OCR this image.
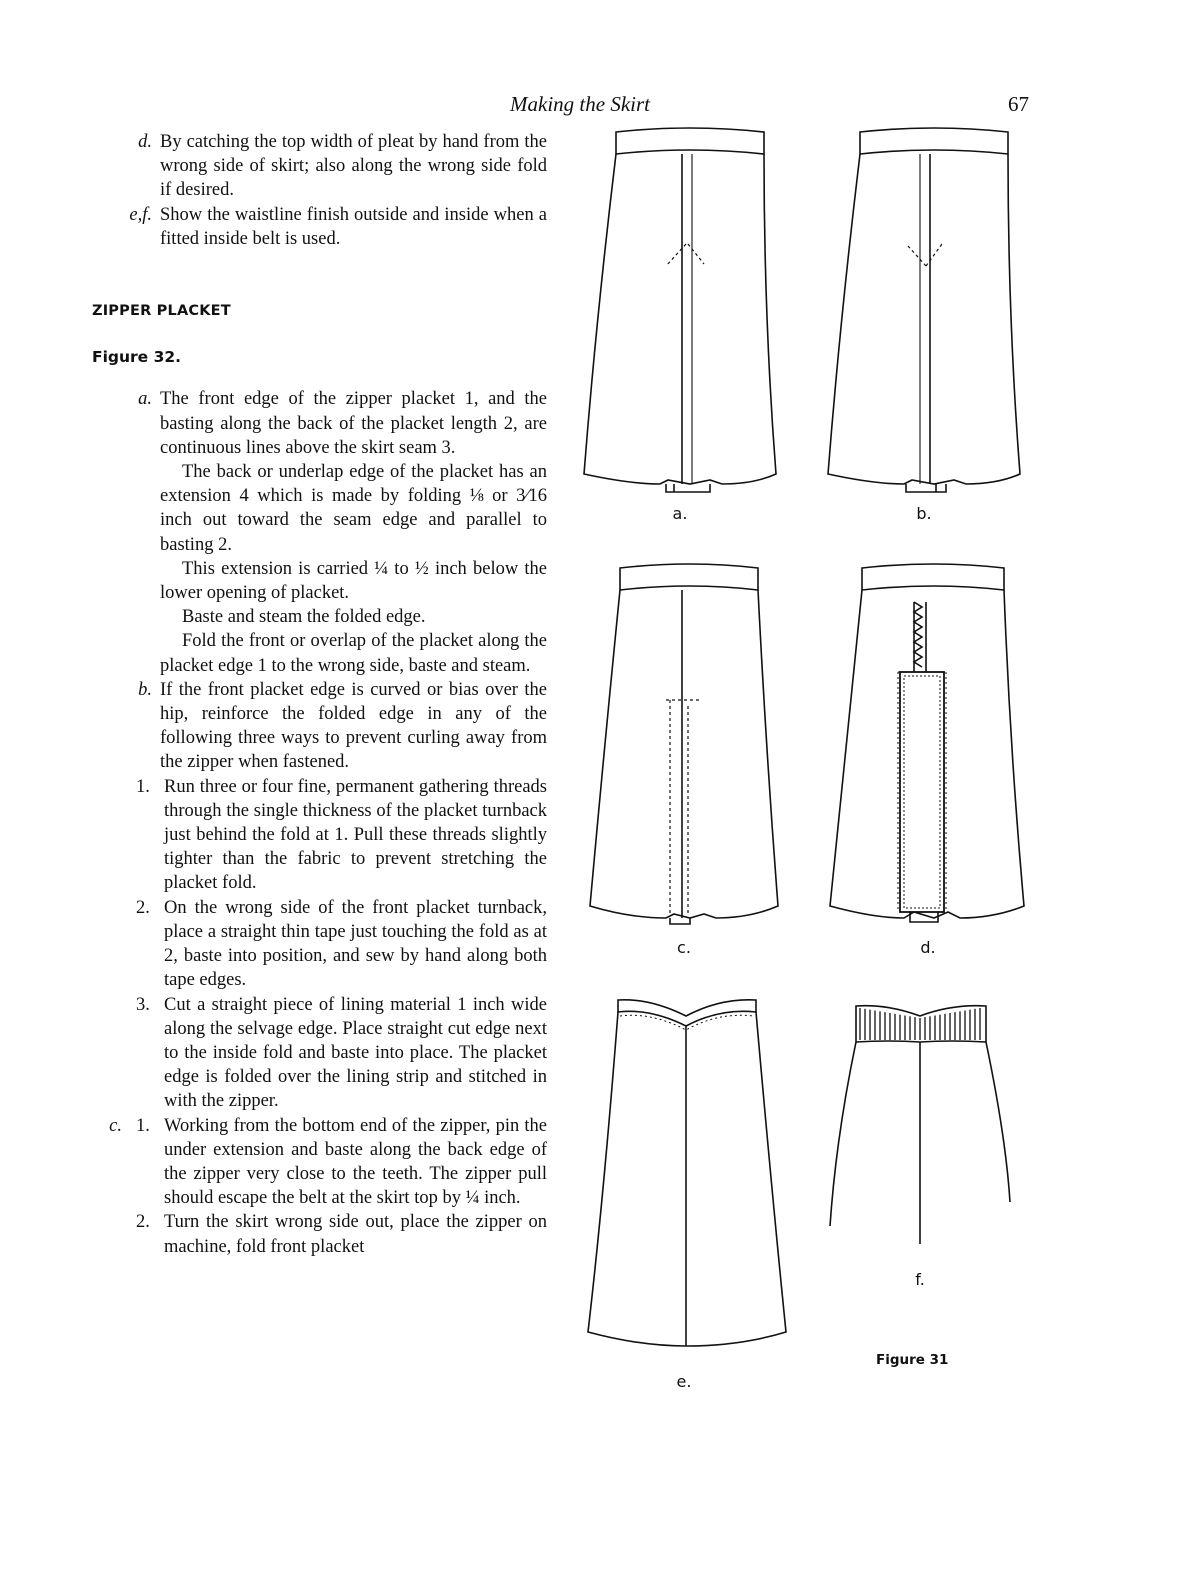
Making the Skirt	67
d. By catching the top width of pleat by hand from the wrong side of skirt; also along the wrong side fold if desired.
e,f. Show the waistline finish outside and inside when a fitted inside belt is used.
ZIPPER PLACKET
Figure 32.
a. The front edge of the zipper placket 1, and the basting along the back of the placket length 2, are continuous lines above the skirt seam 3.
The back or underlap edge of the placket has an extension 4 which is made by folding ⅛ or 3⁄16 inch out toward the seam edge and parallel to basting 2.
This extension is carried ¼ to ½ inch below the lower opening of placket.
Baste and steam the folded edge.
Fold the front or overlap of the placket along the placket edge 1 to the wrong side, baste and steam.
b. If the front placket edge is curved or bias over the hip, reinforce the folded edge in any of the following three ways to prevent curling away from the zipper when fastened.
1. Run three or four fine, permanent gathering threads through the single thickness of the placket turnback just behind the fold at 1. Pull these threads slightly tighter than the fabric to prevent stretching the placket fold.
2. On the wrong side of the front placket turnback, place a straight thin tape just touching the fold as at 2, baste into position, and sew by hand along both tape edges.
3. Cut a straight piece of lining material 1 inch wide along the selvage edge. Place straight cut edge next to the inside fold and baste into place. The placket edge is folded over the lining strip and stitched in with the zipper.
c. 1. Working from the bottom end of the zipper, pin the under extension and baste along the back edge of the zipper very close to the teeth. The zipper pull should escape the belt at the skirt top by ¼ inch.
2. Turn the skirt wrong side out, place the zipper on machine, fold front placket
a.	b.
c.	d.
e.
f.
Figure 31
